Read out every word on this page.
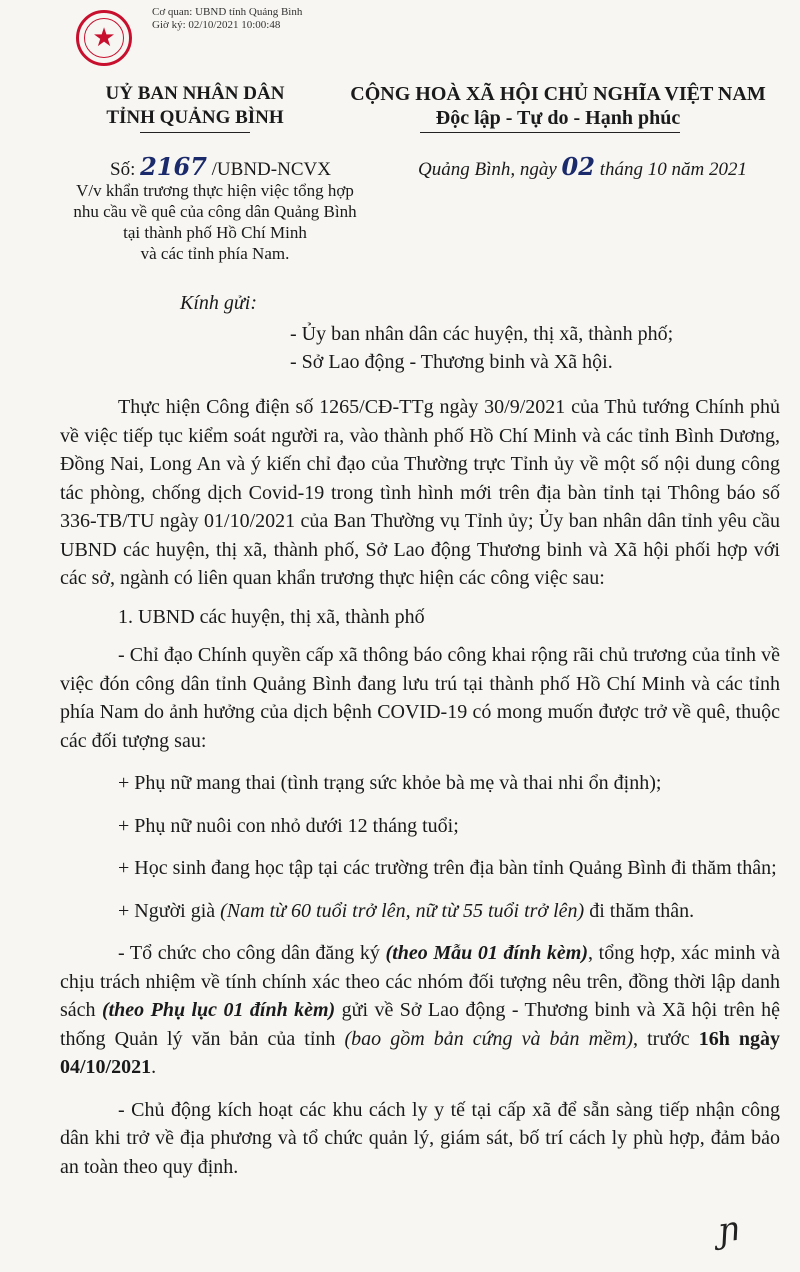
★
Cơ quan: UBND tỉnh Quảng Bình
Giờ ký: 02/10/2021 10:00:48
UỶ BAN NHÂN DÂN
TỈNH QUẢNG BÌNH
CỘNG HOÀ XÃ HỘI CHỦ NGHĨA VIỆT NAM
Độc lập - Tự do - Hạnh phúc
Số: 2167 /UBND-NCVX	Quảng Bình, ngày 02 tháng 10 năm 2021
V/v khẩn trương thực hiện việc tổng hợp
nhu cầu về quê của công dân Quảng Bình
tại thành phố Hồ Chí Minh
và các tỉnh phía Nam.
Kính gửi:
- Ủy ban nhân dân các huyện, thị xã, thành phố;
- Sở Lao động - Thương binh và Xã hội.

Thực hiện Công điện số 1265/CĐ-TTg ngày 30/9/2021 của Thủ tướng Chính phủ về việc tiếp tục kiểm soát người ra, vào thành phố Hồ Chí Minh và các tỉnh Bình Dương, Đồng Nai, Long An và ý kiến chỉ đạo của Thường trực Tỉnh ủy về một số nội dung công tác phòng, chống dịch Covid-19 trong tình hình mới trên địa bàn tỉnh tại Thông báo số 336-TB/TU ngày 01/10/2021 của Ban Thường vụ Tỉnh ủy; Ủy ban nhân dân tỉnh yêu cầu UBND các huyện, thị xã, thành phố, Sở Lao động Thương binh và Xã hội phối hợp với các sở, ngành có liên quan khẩn trương thực hiện các công việc sau:

1. UBND các huyện, thị xã, thành phố

- Chỉ đạo Chính quyền cấp xã thông báo công khai rộng rãi chủ trương của tỉnh về việc đón công dân tỉnh Quảng Bình đang lưu trú tại thành phố Hồ Chí Minh và các tỉnh phía Nam do ảnh hưởng của dịch bệnh COVID-19 có mong muốn được trở về quê, thuộc các đối tượng sau:

+ Phụ nữ mang thai (tình trạng sức khỏe bà mẹ và thai nhi ổn định);

+ Phụ nữ nuôi con nhỏ dưới 12 tháng tuổi;

+ Học sinh đang học tập tại các trường trên địa bàn tỉnh Quảng Bình đi thăm thân;

+ Người già (Nam từ 60 tuổi trở lên, nữ từ 55 tuổi trở lên) đi thăm thân.

- Tổ chức cho công dân đăng ký (theo Mẫu 01 đính kèm), tổng hợp, xác minh và chịu trách nhiệm về tính chính xác theo các nhóm đối tượng nêu trên, đồng thời lập danh sách (theo Phụ lục 01 đính kèm) gửi về Sở Lao động - Thương binh và Xã hội trên hệ thống Quản lý văn bản của tỉnh (bao gồm bản cứng và bản mềm), trước 16h ngày 04/10/2021.

- Chủ động kích hoạt các khu cách ly y tế tại cấp xã để sẵn sàng tiếp nhận công dân khi trở về địa phương và tổ chức quản lý, giám sát, bố trí cách ly phù hợp, đảm bảo an toàn theo quy định.

ɲ
